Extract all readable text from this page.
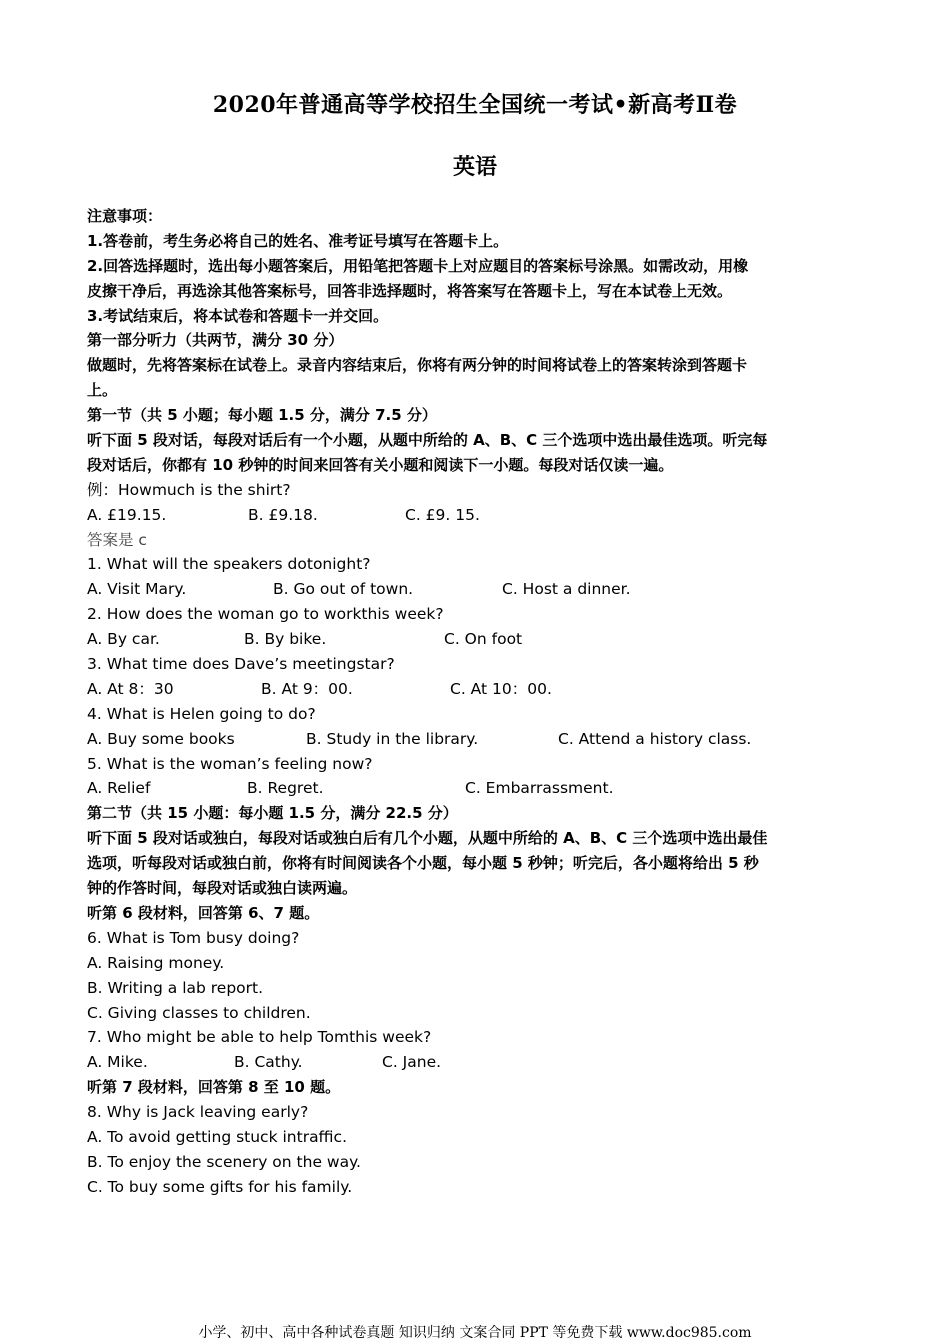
2020年普通高等学校招生全国统一考试•新高考Ⅱ卷
英语
注意事项：
1.答卷前，考生务必将自己的姓名、准考证号填写在答题卡上。
2.回答选择题时，选出每小题答案后，用铅笔把答题卡上对应题目的答案标号涂黑。如需改动，用橡
皮擦干净后，再选涂其他答案标号，回答非选择题时，将答案写在答题卡上，写在本试卷上无效。
3.考试结束后，将本试卷和答题卡一并交回。
第一部分听力（共两节，满分 30 分）
做题时，先将答案标在试卷上。录音内容结束后，你将有两分钟的时间将试卷上的答案转涂到答题卡
上。
第一节（共 5 小题；每小题 1.5 分，满分 7.5 分）
听下面 5 段对话，每段对话后有一个小题，从题中所给的 A、B、C 三个选项中选出最佳选项。听完每
段对话后，你都有 10 秒钟的时间来回答有关小题和阅读下一小题。每段对话仅读一遍。
例：Howmuch is the shirt?
A. £19.15.	B. £9.18.	C. £9. 15.
答案是 c
1. What will the speakers dotonight?
A. Visit Mary.	B. Go out of town.	C. Host a dinner.
2. How does the woman go to workthis week?
A. By car.	B. By bike.	C. On foot
3. What time does Dave’s meetingstar?
A. At 8：30	B. At 9：00.	C. At 10：00.
4. What is Helen going to do?
A. Buy some books	B. Study in the library.	C. Attend a history class.
5. What is the woman’s feeling now?
A. Relief	B. Regret.	C. Embarrassment.
第二节（共 15 小题：每小题 1.5 分，满分 22.5 分）
听下面 5 段对话或独白，每段对话或独白后有几个小题，从题中所给的 A、B、C 三个选项中选出最佳
选项，听每段对话或独白前，你将有时间阅读各个小题，每小题 5 秒钟；听完后，各小题将给出 5 秒
钟的作答时间，每段对话或独白读两遍。
听第 6 段材料，回答第 6、7 题。
6. What is Tom busy doing?
A. Raising money.
B. Writing a lab report.
C. Giving classes to children.
7. Who might be able to help Tomthis week?
A. Mike.	B. Cathy.	C. Jane.
听第 7 段材料，回答第 8 至 10 题。
8. Why is Jack leaving early?
A. To avoid getting stuck intraffic.
B. To enjoy the scenery on the way.
C. To buy some gifts for his family.
小学、初中、高中各种试卷真题 知识归纳 文案合同 PPT 等免费下载 www.doc985.com
